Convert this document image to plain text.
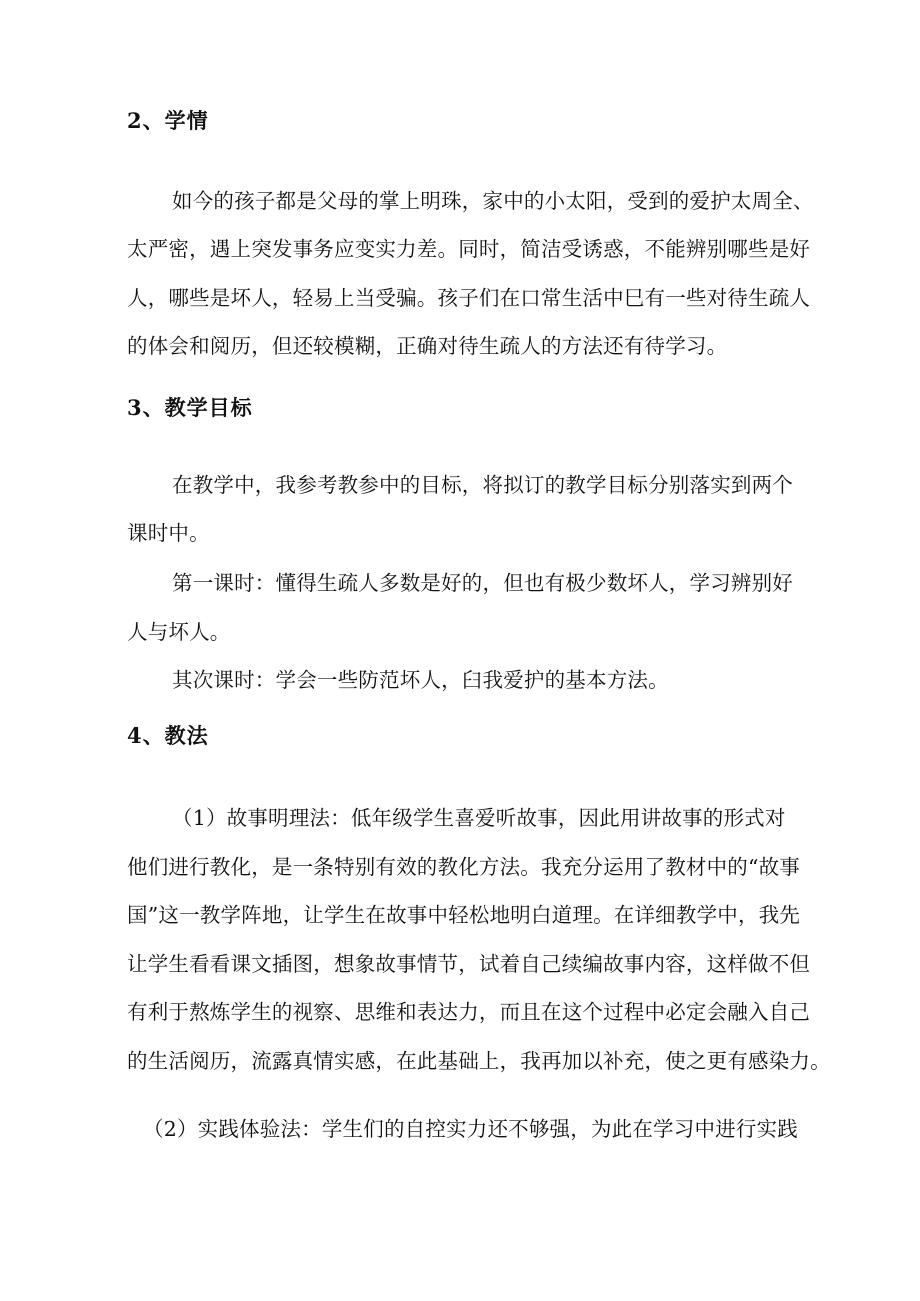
2、学情
如今的孩子都是父母的掌上明珠，家中的小太阳，受到的爱护太周全、
太严密，遇上突发事务应变实力差。同时，简洁受诱惑，不能辨别哪些是好
人，哪些是坏人，轻易上当受骗。孩子们在口常生活中巳有一些对待生疏人
的体会和阅历，但还较模糊，正确对待生疏人的方法还有待学习。
3、教学目标
在教学中，我参考教参中的目标，将拟订的教学目标分别落实到两个
课时中。
第一课时：懂得生疏人多数是好的，但也有极少数坏人，学习辨别好
人与坏人。
其次课时：学会一些防范坏人，臼我爱护的基本方法。
4、教法
（1）故事明理法：低年级学生喜爱听故事，因此用讲故事的形式对
他们进行教化，是一条特别有效的教化方法。我充分运用了教材中的“故事
国”这一教学阵地，让学生在故事中轻松地明白道理。在详细教学中，我先
让学生看看课文插图，想象故事情节，试着自己续编故事内容，这样做不但
有利于熬炼学生的视察、思维和表达力，而且在这个过程中必定会融入自己
的生活阅历，流露真情实感，在此基础上，我再加以补充，使之更有感染力。
（2）实践体验法：学生们的自控实力还不够强，为此在学习中进行实践
